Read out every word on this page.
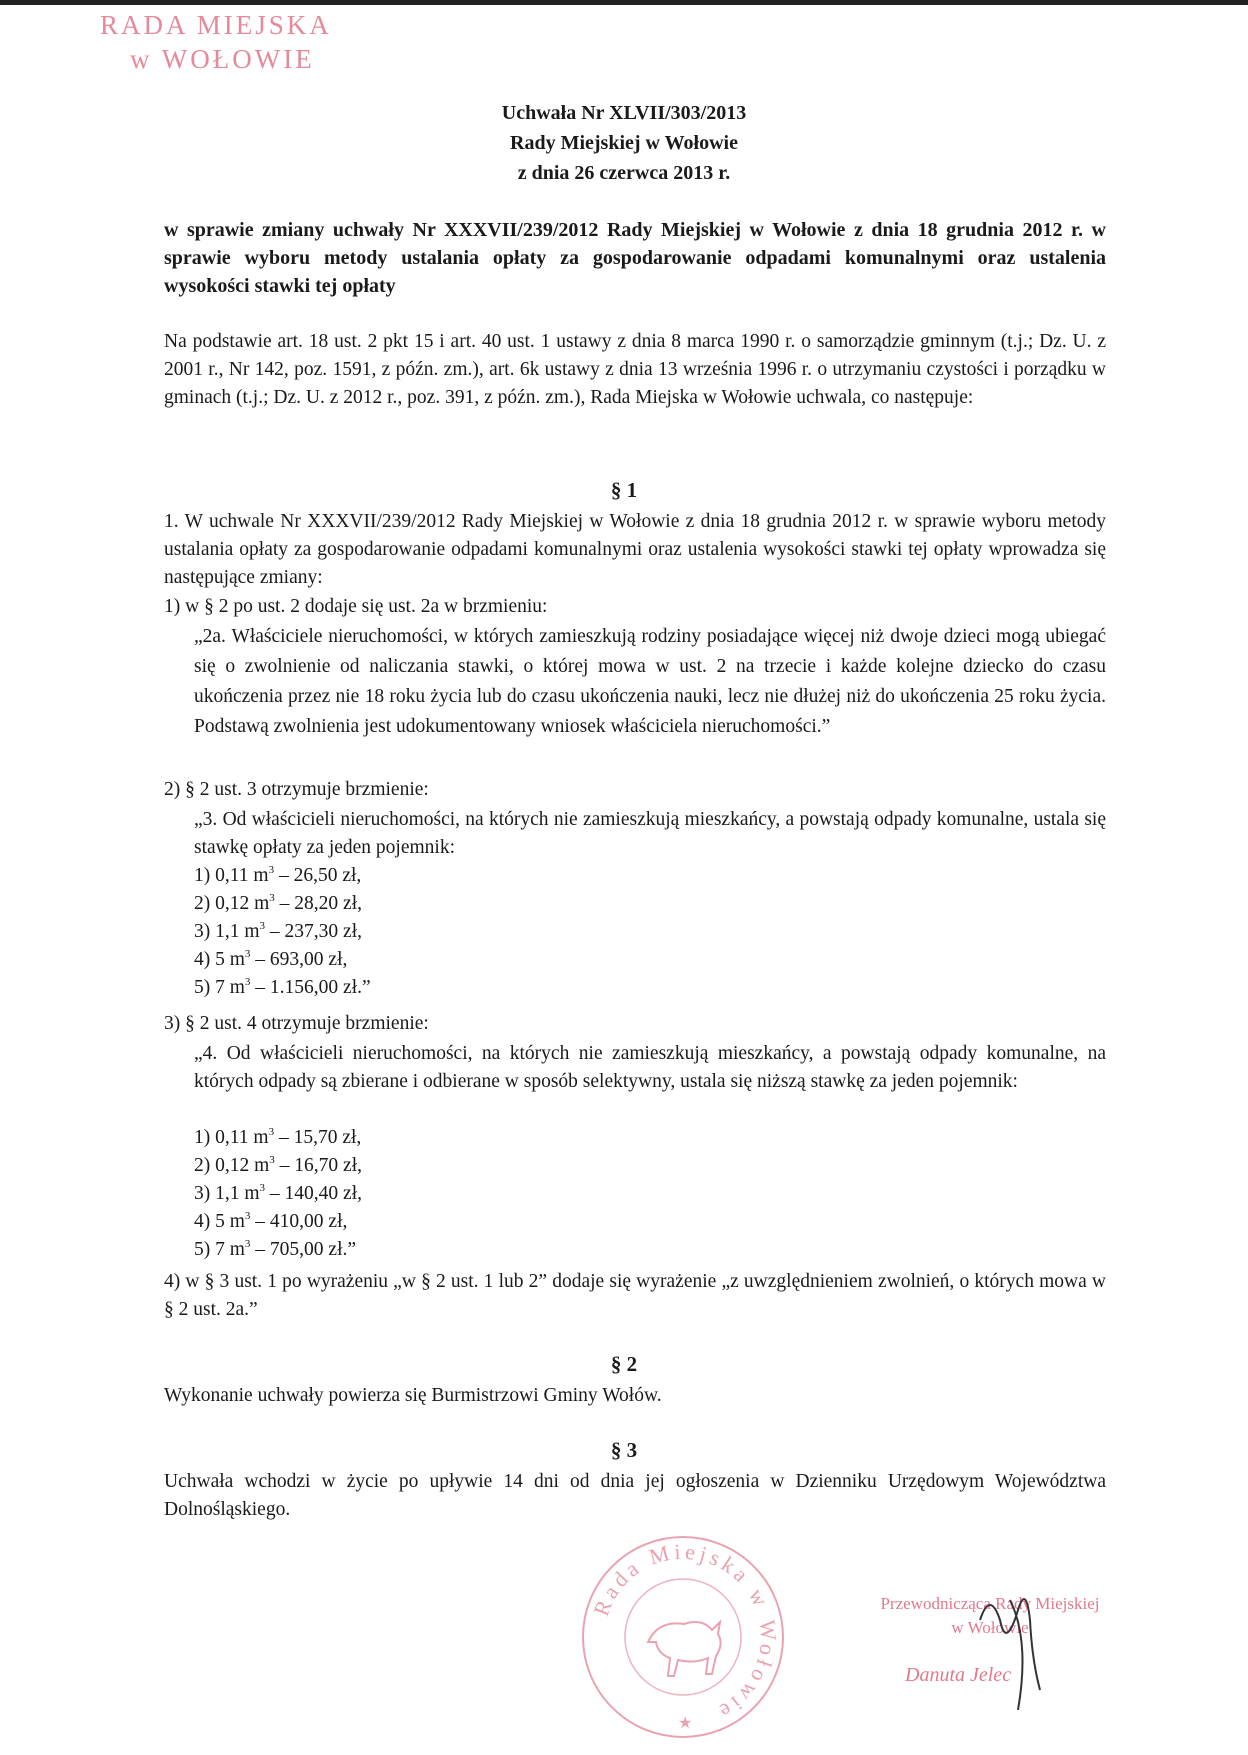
RADA MIEJSKA
w WOŁOWIE
Uchwała Nr XLVII/303/2013
Rady Miejskiej w Wołowie
z dnia 26 czerwca 2013 r.
w sprawie zmiany uchwały Nr XXXVII/239/2012 Rady Miejskiej w Wołowie z dnia 18 grudnia 2012 r. w sprawie wyboru metody ustalania opłaty za gospodarowanie odpadami komunalnymi oraz ustalenia wysokości stawki tej opłaty
Na podstawie art. 18 ust. 2 pkt 15 i art. 40 ust. 1 ustawy z dnia 8 marca 1990 r. o samorządzie gminnym (t.j.; Dz. U. z 2001 r., Nr 142, poz. 1591, z późn. zm.), art. 6k ustawy z dnia 13 września 1996 r. o utrzymaniu czystości i porządku w gminach (t.j.; Dz. U. z 2012 r., poz. 391, z późn. zm.), Rada Miejska w Wołowie uchwala, co następuje:
§ 1
1. W uchwale Nr XXXVII/239/2012 Rady Miejskiej w Wołowie z dnia 18 grudnia 2012 r. w sprawie wyboru metody ustalania opłaty za gospodarowanie odpadami komunalnymi oraz ustalenia wysokości stawki tej opłaty wprowadza się następujące zmiany:
1) w § 2 po ust. 2 dodaje się ust. 2a w brzmieniu:
„2a. Właściciele nieruchomości, w których zamieszkują rodziny posiadające więcej niż dwoje dzieci mogą ubiegać się o zwolnienie od naliczania stawki, o której mowa w ust. 2 na trzecie i każde kolejne dziecko do czasu ukończenia przez nie 18 roku życia lub do czasu ukończenia nauki, lecz nie dłużej niż do ukończenia 25 roku życia. Podstawą zwolnienia jest udokumentowany wniosek właściciela nieruchomości.”
2) § 2 ust. 3 otrzymuje brzmienie:
„3. Od właścicieli nieruchomości, na których nie zamieszkują mieszkańcy, a powstają odpady komunalne, ustala się stawkę opłaty za jeden pojemnik:
1) 0,11 $m^3 - 26,50$ zł,
2) 0,12 $m^3 - 28,20$ zł,
3) 1,1 $m^3 - 237,30$ zł,
4) 5 $m^3 - 693,00$ zł,
5) 7 $m^3 - 1.156,00$ zł.”
3) § 2 ust. 4 otrzymuje brzmienie:
„4. Od właścicieli nieruchomości, na których nie zamieszkują mieszkańcy, a powstają odpady komunalne, na których odpady są zbierane i odbierane w sposób selektywny, ustala się niższą stawkę za jeden pojemnik:
1) 0,11 $m^3 - 15,70$ zł,
2) 0,12 $m^3 - 16,70$ zł,
3) 1,1 $m^3 - 140,40$ zł,
4) 5 $m^3 - 410,00$ zł,
5) 7 $m^3 - 705,00$ zł.”
4) w § 3 ust. 1 po wyrażeniu „w § 2 ust. 1 lub 2” dodaje się wyrażenie „z uwzględnieniem zwolnień, o których mowa w § 2 ust. 2a.”
§ 2
Wykonanie uchwały powierza się Burmistrzowi Gminy Wołów.
§ 3
Uchwała wchodzi w życie po upływie 14 dni od dnia jej ogłoszenia w Dzienniku Urzędowym Województwa Dolnośląskiego.
Rada Miejska w Wołowie
★
Przewodnicząca Rady Miejskiej
w Wołowie
Danuta Jelec
